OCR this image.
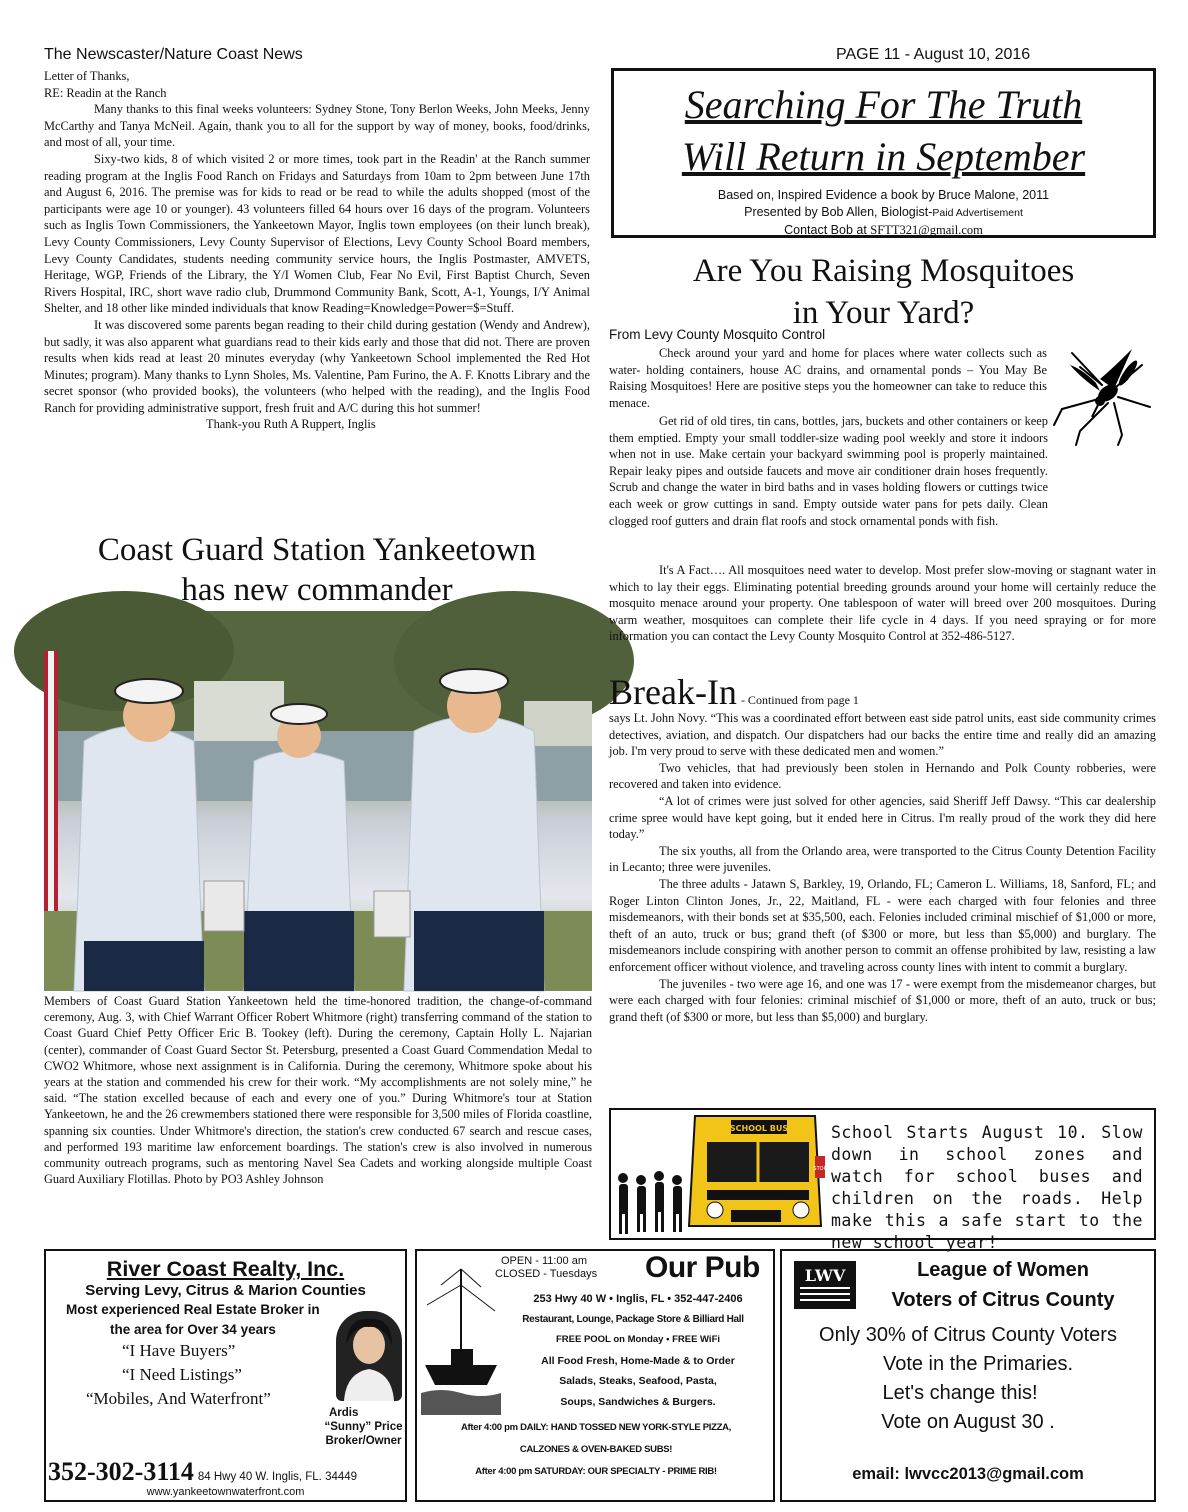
The Newscaster/Nature Coast News	PAGE 11 - August 10, 2016

Letter of Thanks,

RE: Readin at the Ranch

Many thanks to this final weeks volunteers: Sydney Stone, Tony Berlon Weeks, John Meeks, Jenny McCarthy and Tanya McNeil. Again, thank you to all for the support by way of money, books, food/drinks, and most of all, your time.

Sixy-two kids, 8 of which visited 2 or more times, took part in the Readin' at the Ranch summer reading program at the Inglis Food Ranch on Fridays and Saturdays from 10am to 2pm between June 17th and August 6, 2016. The premise was for kids to read or be read to while the adults shopped (most of the participants were age 10 or younger). 43 volunteers filled 64 hours over 16 days of the program. Volunteers such as Inglis Town Commissioners, the Yankeetown Mayor, Inglis town employees (on their lunch break), Levy County Commissioners, Levy County Supervisor of Elections, Levy County School Board members, Levy County Candidates, students needing community service hours, the Inglis Postmaster, AMVETS, Heritage, WGP, Friends of the Library, the Y/I Women Club, Fear No Evil, First Baptist Church, Seven Rivers Hospital, IRC, short wave radio club, Drummond Community Bank, Scott, A-1, Youngs, I/Y Animal Shelter, and 18 other like minded individuals that know Reading=Knowledge=Power=$=Stuff.

It was discovered some parents began reading to their child during gestation (Wendy and Andrew), but sadly, it was also apparent what guardians read to their kids early and those that did not. There are proven results when kids read at least 20 minutes everyday (why Yankeetown School implemented the Red Hot Minutes; program). Many thanks to Lynn Sholes, Ms. Valentine, Pam Furino, the A. F. Knotts Library and the secret sponsor (who provided books), the volunteers (who helped with the reading), and the Inglis Food Ranch for providing administrative support, fresh fruit and A/C during this hot summer!

Thank-you Ruth A Ruppert, Inglis

Coast Guard Station Yankeetown
has new commander

Members of Coast Guard Station Yankeetown held the time-honored tradition, the change-of-command ceremony, Aug. 3, with Chief Warrant Officer Robert Whitmore (right) transferring command of the station to Coast Guard Chief Petty Officer Eric B. Tookey (left). During the ceremony, Captain Holly L. Najarian (center), commander of Coast Guard Sector St. Petersburg, presented a Coast Guard Commendation Medal to CWO2 Whitmore, whose next assignment is in California. During the ceremony, Whitmore spoke about his years at the station and commended his crew for their work. “My accomplishments are not solely mine,” he said. “The station excelled because of each and every one of you.” During Whitmore's tour at Station Yankeetown, he and the 26 crewmembers stationed there were responsible for 3,500 miles of Florida coastline, spanning six counties. Under Whitmore's direction, the station's crew conducted 67 search and rescue cases, and performed 193 maritime law enforcement boardings. The station's crew is also involved in numerous community outreach programs, such as mentoring Navel Sea Cadets and working alongside multiple Coast Guard Auxiliary Flotillas. Photo by PO3 Ashley Johnson

Searching For The Truth
Will Return in September
Based on, Inspired Evidence a book by Bruce Malone, 2011
Presented by Bob Allen, Biologist-Paid Advertisement
Contact Bob at SFTT321@gmail.com
Are You Raising Mosquitoes
in Your Yard?
From Levy County Mosquito Control

Check around your yard and home for places where water collects such as water- holding containers, house AC drains, and ornamental ponds – You May Be Raising Mosquitoes! Here are positive steps you the homeowner can take to reduce this menace.

Get rid of old tires, tin cans, bottles, jars, buckets and other containers or keep them emptied. Empty your small toddler-size wading pool weekly and store it indoors when not in use. Make certain your backyard swimming pool is properly maintained. Repair leaky pipes and outside faucets and move air conditioner drain hoses frequently. Scrub and change the water in bird baths and in vases holding flowers or cuttings twice each week or grow cuttings in sand. Empty outside water pans for pets daily. Clean clogged roof gutters and drain flat roofs and stock ornamental ponds with fish.

It's A Fact…. All mosquitoes need water to develop. Most prefer slow-moving or stagnant water in which to lay their eggs. Eliminating potential breeding grounds around your home will certainly reduce the mosquito menace around your property. One tablespoon of water will breed over 200 mosquitoes. During warm weather, mosquitoes can complete their life cycle in 4 days. If you need spraying or for more information you can contact the Levy County Mosquito Control at 352-486-5127.

Break-In - Continued from page 1

says Lt. John Novy. “This was a coordinated effort between east side patrol units, east side community crimes detectives, aviation, and dispatch. Our dispatchers had our backs the entire time and really did an amazing job. I'm very proud to serve with these dedicated men and women.”

Two vehicles, that had previously been stolen in Hernando and Polk County robberies, were recovered and taken into evidence.

“A lot of crimes were just solved for other agencies, said Sheriff Jeff Dawsy. “This car dealership crime spree would have kept going, but it ended here in Citrus. I'm really proud of the work they did here today.”

The six youths, all from the Orlando area, were transported to the Citrus County Detention Facility in Lecanto; three were juveniles.

The three adults - Jatawn S, Barkley, 19, Orlando, FL; Cameron L. Williams, 18, Sanford, FL; and Roger Linton Clinton Jones, Jr., 22, Maitland, FL - were each charged with four felonies and three misdemeanors, with their bonds set at $35,500, each. Felonies included criminal mischief of $1,000 or more, theft of an auto, truck or bus; grand theft (of $300 or more, but less than $5,000) and burglary. The misdemeanors include conspiring with another person to commit an offense prohibited by law, resisting a law enforcement officer without violence, and traveling across county lines with intent to commit a burglary.

The juveniles - two were age 16, and one was 17 - were exempt from the misdemeanor charges, but were each charged with four felonies: criminal mischief of $1,000 or more, theft of an auto, truck or bus; grand theft (of $300 or more, but less than $5,000) and burglary.

SCHOOL BUS
STOP
School Starts August 10. Slow down in school zones and watch for school buses and children on the roads. Help make this a safe start to the new school year!
River Coast Realty, Inc.
Serving Levy, Citrus & Marion Counties
Most experienced Real Estate Broker in
the area for Over 34 years
“I Have Buyers”
“I Need Listings”
“Mobiles, And Waterfront”
Ardis
“Sunny” Price
Broker/Owner
352-302-3114 84 Hwy 40 W. Inglis, FL. 34449
www.yankeetownwaterfront.com
OPEN - 11:00 am
CLOSED - Tuesdays Our Pub
253 Hwy 40 W • Inglis, FL • 352-447-2406
Restaurant, Lounge, Package Store & Billiard Hall
FREE POOL on Monday • FREE WiFi
All Food Fresh, Home-Made & to Order
Salads, Steaks, Seafood, Pasta,
Soups, Sandwiches & Burgers.
After 4:00 pm DAILY: HAND TOSSED NEW YORK-STYLE PIZZA,
CALZONES & OVEN-BAKED SUBS!
After 4:00 pm SATURDAY: OUR SPECIALTY - PRIME RIB!
LWV	League of Women
Voters of Citrus County
Only 30% of Citrus County Voters
Vote in the Primaries.
Let's change this!
Vote on August 30 .
email: lwvcc2013@gmail.com
